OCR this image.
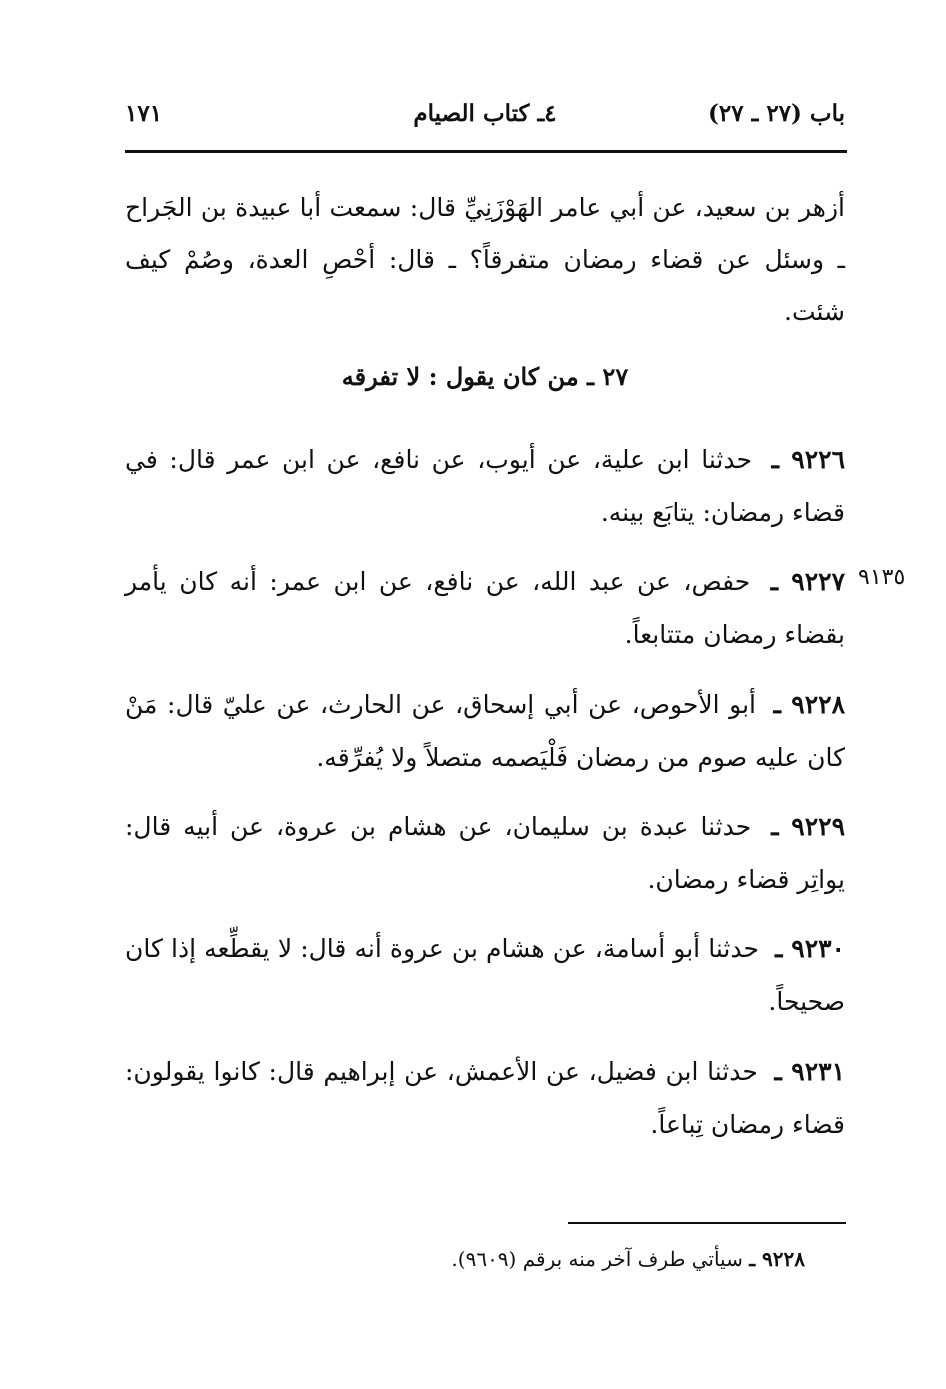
باب (٢٧ ـ ٢٧)
٤ـ كتاب الصيام
١٧١
أزهر بن سعيد، عن أبي عامر الهَوْزَنِيِّ قال: سمعت أبا عبيدة بن الجَراح ـ وسئل عن قضاء رمضان متفرقاً؟ ـ قال: أحْصِ العدة، وصُمْ كيف شئت.
٢٧ ـ من كان يقول : لا تفرقه
٩١٣٥
٩٢٢٦ ـ حدثنا ابن علية، عن أيوب، عن نافع، عن ابن عمر قال: في قضاء رمضان: يتابَع بينه.
٩٢٢٧ ـ حفص، عن عبد الله، عن نافع، عن ابن عمر: أنه كان يأمر بقضاء رمضان متتابعاً.
٩٢٢٨ ـ أبو الأحوص، عن أبي إسحاق، عن الحارث، عن عليّ قال: مَنْ كان عليه صوم من رمضان فَلْيَصمه متصلاً ولا يُفرِّقه.
٩٢٢٩ ـ حدثنا عبدة بن سليمان، عن هشام بن عروة، عن أبيه قال: يواتِر قضاء رمضان.
٩٢٣٠ ـ حدثنا أبو أسامة، عن هشام بن عروة أنه قال: لا يقطِّعه إذا كان صحيحاً.
٩٢٣١ ـ حدثنا ابن فضيل، عن الأعمش، عن إبراهيم قال: كانوا يقولون: قضاء رمضان تِباعاً.
٩٢٢٨ ـ سيأتي طرف آخر منه برقم (٩٦٠٩).
